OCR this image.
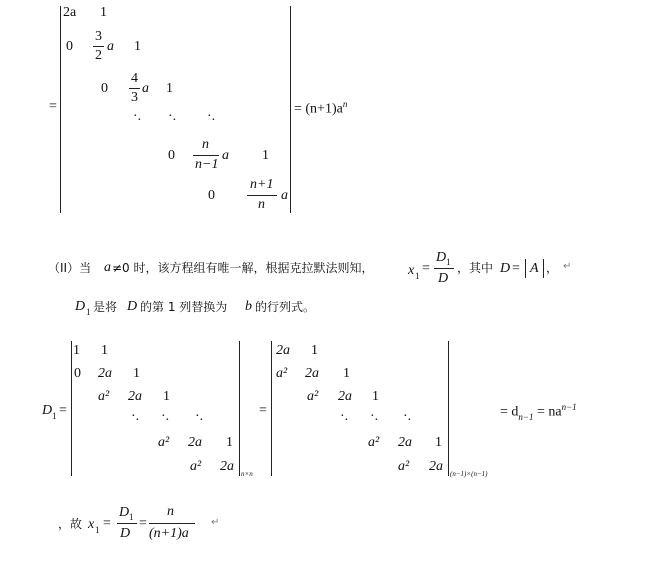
=
2a 1
0
3
2
a 1
0
4
3
a 1
·. ·. ·.
0
n
n−1
a 1
0
n+1
n
a
= $(n+1)a^n$
（II）当 a ≠0 时，该方程组有唯一解，根据克拉默法则知， x 1 =
D 1
D
，其中 D = A ， ↵
D 1 是将 D 的第 1 列替换为 b 的行列式。
D 1 =
1 1
0 2a 1
a² 2a 1
·. ·. ·.
a² 2a 1
a² 2a n×n
=
2a 1
a² 2a 1
a² 2a 1
·. ·. ·.
a² 2a 1
a² 2a (n−1)×(n−1)
= $d_{n-1} = na^{n-1}$
，故 x 1 =
D 1
D
=
n
(n+1)a
↵
